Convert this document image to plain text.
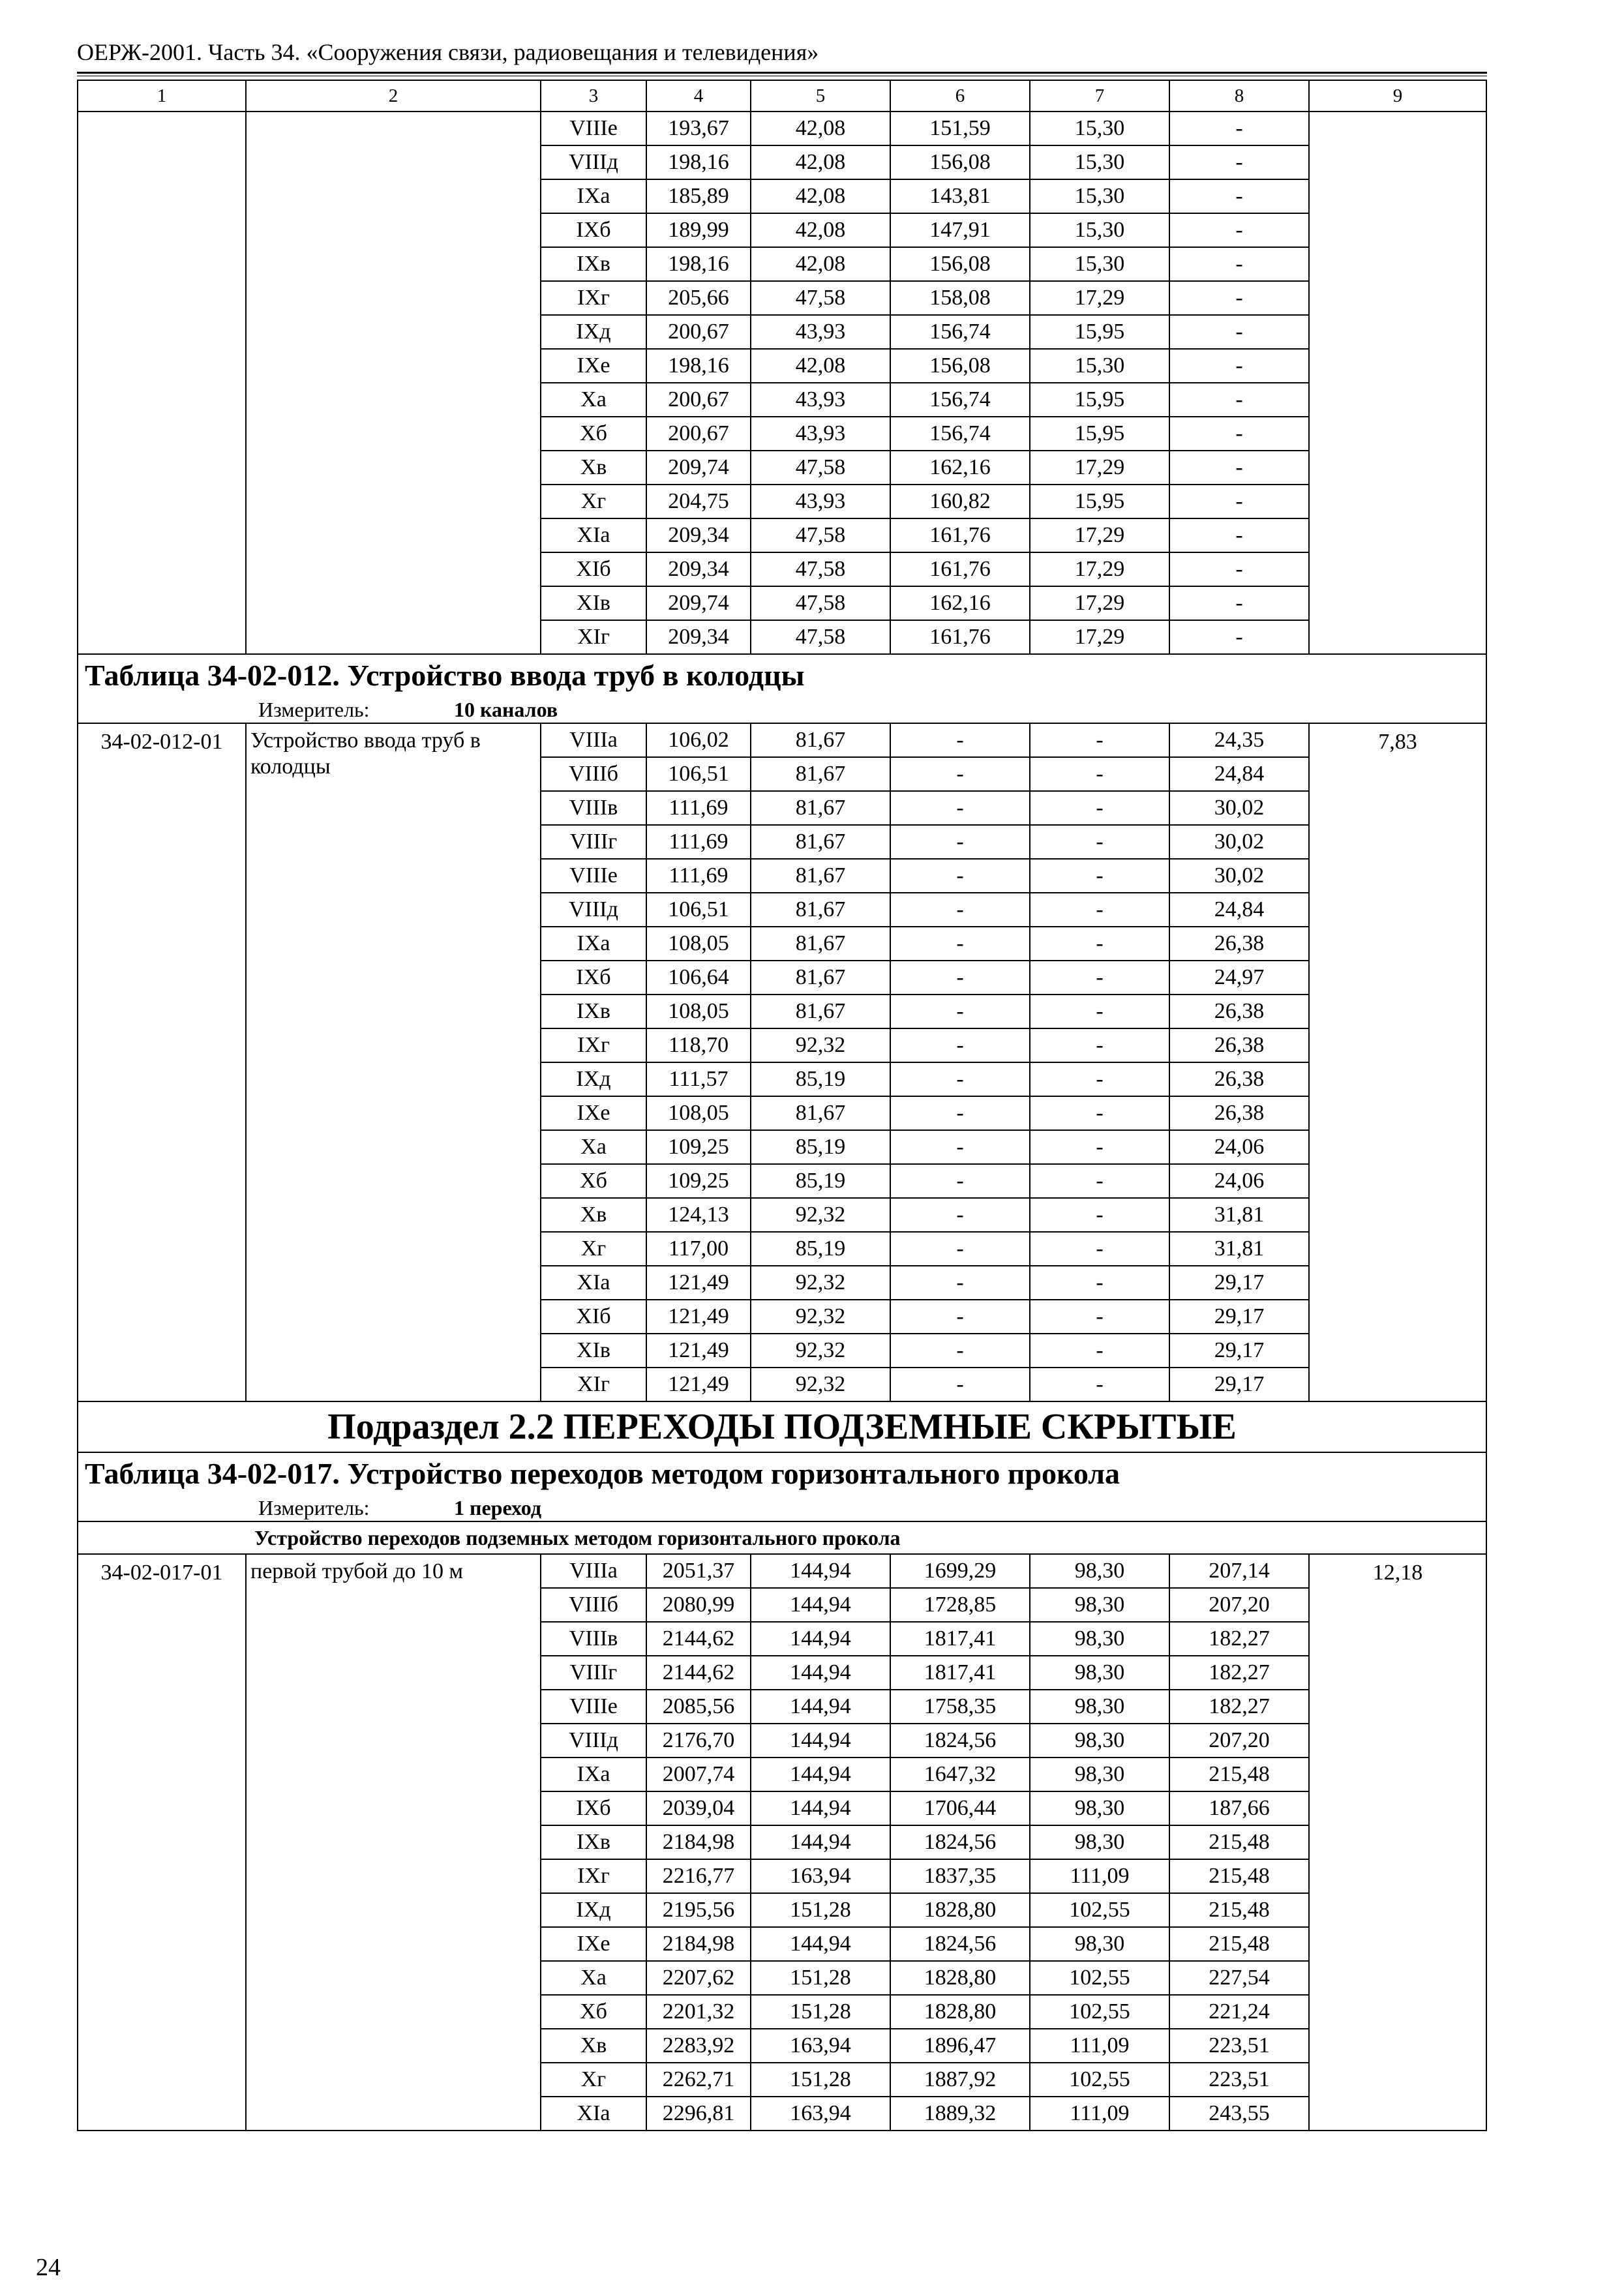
ОЕРЖ-2001. Часть 34. «Сооружения связи, радиовещания и телевидения»
1	2	3	4	5	6	7	8	9
		VIIIe	193,67	42,08	151,59	15,30	-	
		VIIIд	198,16	42,08	156,08	15,30	-	
		IXa	185,89	42,08	143,81	15,30	-	
		IXб	189,99	42,08	147,91	15,30	-	
		IXв	198,16	42,08	156,08	15,30	-	
		IXг	205,66	47,58	158,08	17,29	-	
		IXд	200,67	43,93	156,74	15,95	-	
		IXe	198,16	42,08	156,08	15,30	-	
		Xa	200,67	43,93	156,74	15,95	-	
		Xб	200,67	43,93	156,74	15,95	-	
		Xв	209,74	47,58	162,16	17,29	-	
		Xг	204,75	43,93	160,82	15,95	-	
		XIa	209,34	47,58	161,76	17,29	-	
		XIб	209,34	47,58	161,76	17,29	-	
		XIв	209,74	47,58	162,16	17,29	-	
		XIг	209,34	47,58	161,76	17,29	-	
Таблица 34-02-012. Устройство ввода труб в колодцы								
Измеритель: 10 каналов								
34-02-012-01	Устройство ввода труб в колодцы	VIIIa	106,02	81,67	-	-	24,35	7,83
		VIIIб	106,51	81,67	-	-	24,84	
		VIIIв	111,69	81,67	-	-	30,02	
		VIIIг	111,69	81,67	-	-	30,02	
		VIIIe	111,69	81,67	-	-	30,02	
		VIIIд	106,51	81,67	-	-	24,84	
		IXa	108,05	81,67	-	-	26,38	
		IXб	106,64	81,67	-	-	24,97	
		IXв	108,05	81,67	-	-	26,38	
		IXг	118,70	92,32	-	-	26,38	
		IXд	111,57	85,19	-	-	26,38	
		IXe	108,05	81,67	-	-	26,38	
		Xa	109,25	85,19	-	-	24,06	
		Xб	109,25	85,19	-	-	24,06	
		Xв	124,13	92,32	-	-	31,81	
		Xг	117,00	85,19	-	-	31,81	
		XIa	121,49	92,32	-	-	29,17	
		XIб	121,49	92,32	-	-	29,17	
		XIв	121,49	92,32	-	-	29,17	
		XIг	121,49	92,32	-	-	29,17	
Подраздел 2.2 ПЕРЕХОДЫ ПОДЗЕМНЫЕ СКРЫТЫЕ								
Таблица 34-02-017. Устройство переходов методом горизонтального прокола								
Измеритель: 1 переход								
Устройство переходов подземных методом горизонтального прокола								
34-02-017-01	первой трубой до 10 м	VIIIa	2051,37	144,94	1699,29	98,30	207,14	12,18
		VIIIб	2080,99	144,94	1728,85	98,30	207,20	
		VIIIв	2144,62	144,94	1817,41	98,30	182,27	
		VIIIг	2144,62	144,94	1817,41	98,30	182,27	
		VIIIe	2085,56	144,94	1758,35	98,30	182,27	
		VIIIд	2176,70	144,94	1824,56	98,30	207,20	
		IXa	2007,74	144,94	1647,32	98,30	215,48	
		IXб	2039,04	144,94	1706,44	98,30	187,66	
		IXв	2184,98	144,94	1824,56	98,30	215,48	
		IXг	2216,77	163,94	1837,35	111,09	215,48	
		IXд	2195,56	151,28	1828,80	102,55	215,48	
		IXe	2184,98	144,94	1824,56	98,30	215,48	
		Xa	2207,62	151,28	1828,80	102,55	227,54	
		Xб	2201,32	151,28	1828,80	102,55	221,24	
		Xв	2283,92	163,94	1896,47	111,09	223,51	
		Xг	2262,71	151,28	1887,92	102,55	223,51	
		XIa	2296,81	163,94	1889,32	111,09	243,55	
24
